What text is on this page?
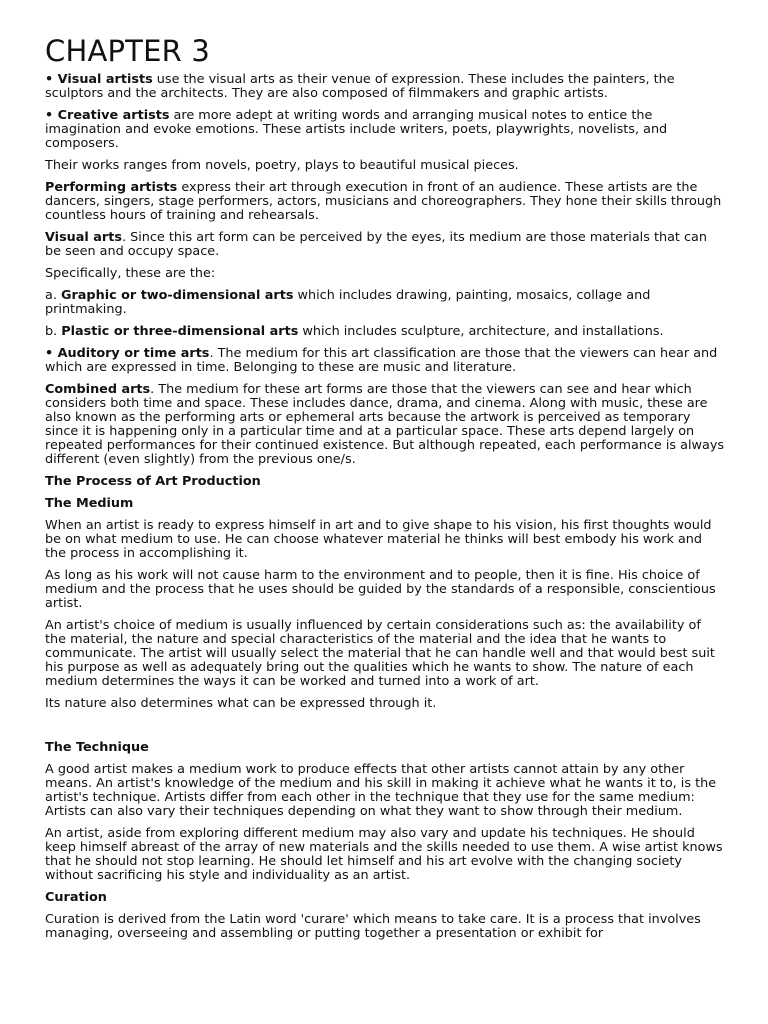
CHAPTER 3

• Visual artists use the visual arts as their venue of expression. These includes the painters, the sculptors and the architects. They are also composed of filmmakers and graphic artists.

• Creative artists are more adept at writing words and arranging musical notes to entice the imagination and evoke emotions. These artists include writers, poets, playwrights, novelists, and composers.

Their works ranges from novels, poetry, plays to beautiful musical pieces.

Performing artists express their art through execution in front of an audience. These artists are the dancers, singers, stage performers, actors, musicians and choreographers. They hone their skills through countless hours of training and rehearsals.

Visual arts. Since this art form can be perceived by the eyes, its medium are those materials that can be seen and occupy space.

Specifically, these are the:

a. Graphic or two-dimensional arts which includes drawing, painting, mosaics, collage and printmaking.

b. Plastic or three-dimensional arts which includes sculpture, architecture, and installations.

• Auditory or time arts. The medium for this art classification are those that the viewers can hear and which are expressed in time. Belonging to these are music and literature.

Combined arts. The medium for these art forms are those that the viewers can see and hear which considers both time and space. These includes dance, drama, and cinema. Along with music, these are also known as the performing arts or ephemeral arts because the artwork is perceived as temporary since it is happening only in a particular time and at a particular space. These arts depend largely on repeated performances for their continued existence. But although repeated, each performance is always different (even slightly) from the previous one/s.

The Process of Art Production

The Medium

When an artist is ready to express himself in art and to give shape to his vision, his first thoughts would be on what medium to use. He can choose whatever material he thinks will best embody his work and the process in accomplishing it.

As long as his work will not cause harm to the environment and to people, then it is fine. His choice of medium and the process that he uses should be guided by the standards of a responsible, conscientious artist.

An artist's choice of medium is usually influenced by certain considerations such as: the availability of the material, the nature and special characteristics of the material and the idea that he wants to communicate. The artist will usually select the material that he can handle well and that would best suit his purpose as well as adequately bring out the qualities which he wants to show. The nature of each medium determines the ways it can be worked and turned into a work of art.

Its nature also determines what can be expressed through it.

The Technique

A good artist makes a medium work to produce effects that other artists cannot attain by any other means. An artist's knowledge of the medium and his skill in making it achieve what he wants it to, is the artist's technique. Artists differ from each other in the technique that they use for the same medium: Artists can also vary their techniques depending on what they want to show through their medium.

An artist, aside from exploring different medium may also vary and update his techniques. He should keep himself abreast of the array of new materials and the skills needed to use them. A wise artist knows that he should not stop learning. He should let himself and his art evolve with the changing society without sacrificing his style and individuality as an artist.

Curation

Curation is derived from the Latin word 'curare' which means to take care. It is a process that involves managing, overseeing and assembling or putting together a presentation or exhibit for
